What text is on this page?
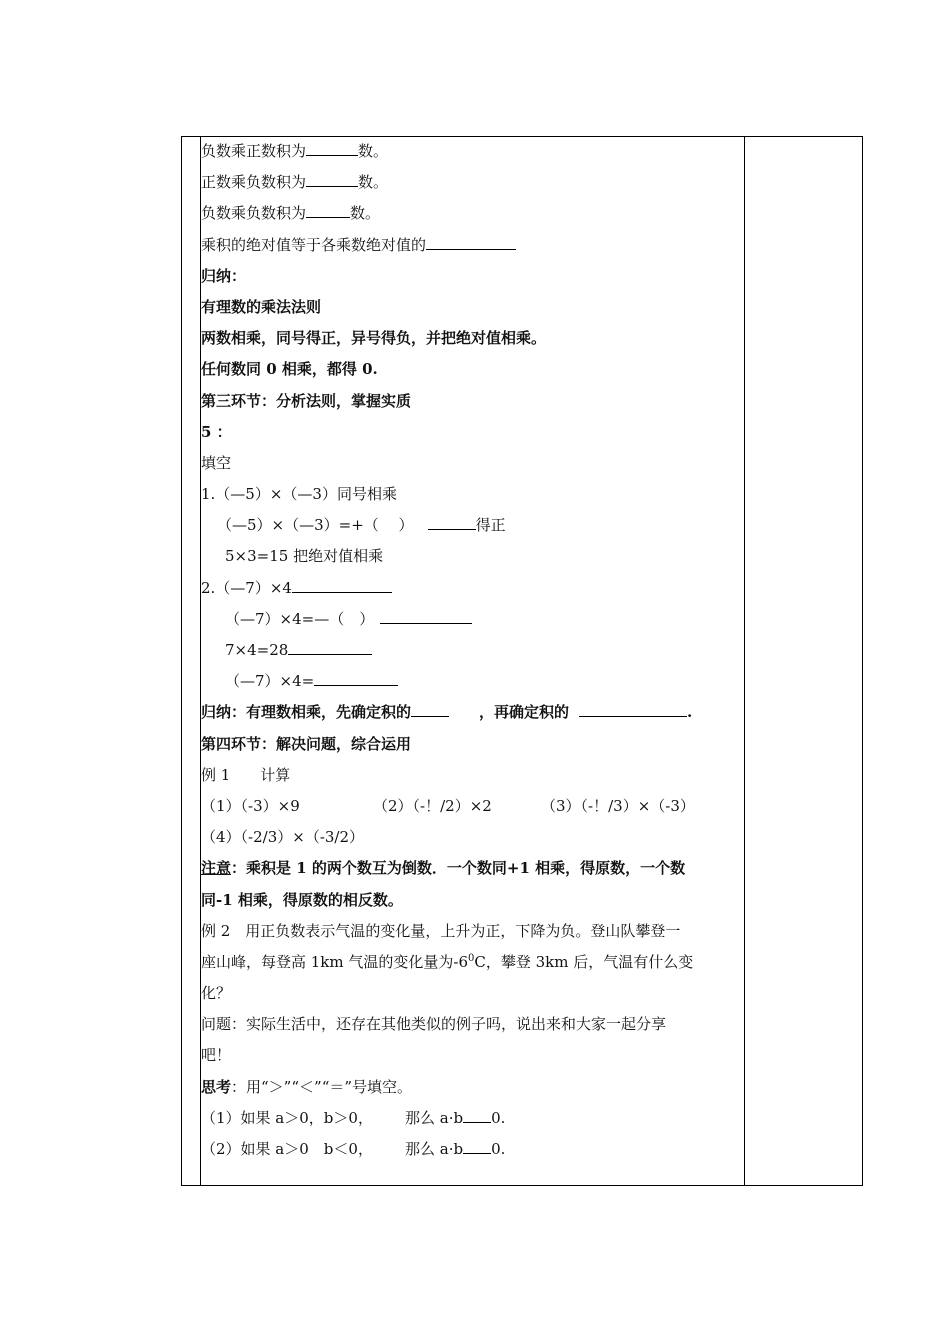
负数乘正数积为	数。
正数乘负数积为	数。
负数乘负数积为	数。
乘积的绝对值等于各乘数绝对值的
归纳：
有理数的乘法法则
两数相乘，同号得正，异号得负，并把绝对值相乘。
任何数同 0 相乘，都得 0.
第三环节：分析法则，掌握实质
5 ：
填空
1.（—5）×（—3）同号相乘
（—5）×（—3）=+（　 ）	得正
5×3=15 把绝对值相乘
2.（—7）×4
（—7）×4=—（　）
7×4=28
（—7）×4=
归纳：有理数相乘，先确定积的	，再确定积的	.
第四环节：解决问题，综合运用
例 1　　计算
（1）（-3）×9	（2）（-！/2）×2	（3）（-！/3）×（-3）
（4）（-2/3）×（-3/2）
注意：乘积是 1 的两个数互为倒数．一个数同+1 相乘，得原数，一个数
同-1 相乘，得原数的相反数。
例 2　用正负数表示气温的变化量，上升为正，下降为负。登山队攀登一
座山峰，每登高 1km 气温的变化量为$-6^0C$，攀登 3km 后，气温有什么变
化？
问题：实际生活中，还存在其他类似的例子吗，说出来和大家一起分享
吧！
思考：用“＞”“＜”“＝”号填空。
（1）如果 a＞0，b＞0， 那么 a·b 0.
（2）如果 a＞0　b＜0， 那么 a·b 0.
